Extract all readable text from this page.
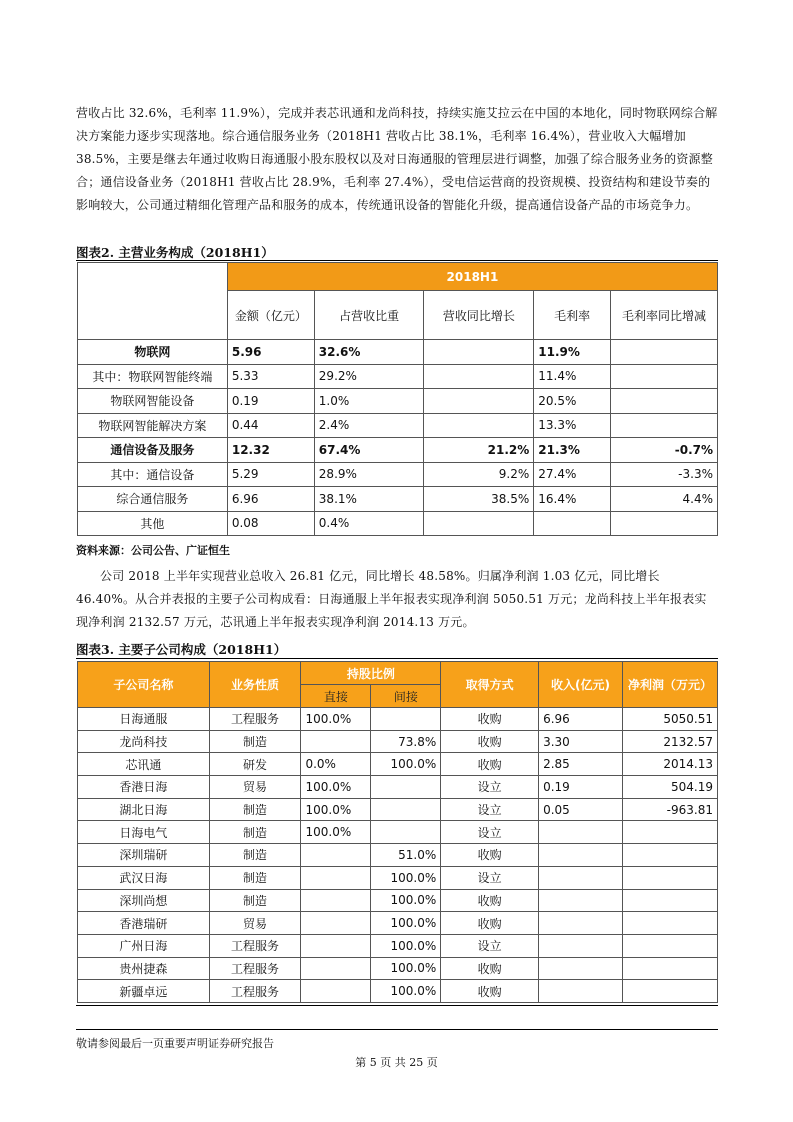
营收占比 32.6%，毛利率 11.9%），完成并表芯讯通和龙尚科技，持续实施艾拉云在中国的本地化，同时物联网综合解决方案能力逐步实现落地。综合通信服务业务（2018H1 营收占比 38.1%，毛利率 16.4%），营业收入大幅增加 38.5%，主要是继去年通过收购日海通服小股东股权以及对日海通服的管理层进行调整，加强了综合服务业务的资源整合；通信设备业务（2018H1 营收占比 28.9%，毛利率 27.4%），受电信运营商的投资规模、投资结构和建设节奏的影响较大，公司通过精细化管理产品和服务的成本，传统通讯设备的智能化升级，提高通信设备产品的市场竞争力。
图表2. 主营业务构成（2018H1）
	2018H1				
	金额（亿元）	占营收比重	营收同比增长	毛利率	毛利率同比增减
物联网	5.96	32.6%		11.9%	
其中：物联网智能终端	5.33	29.2%		11.4%	
物联网智能设备	0.19	1.0%		20.5%	
物联网智能解决方案	0.44	2.4%		13.3%	
通信设备及服务	12.32	67.4%	21.2%	21.3%	-0.7%
其中：通信设备	5.29	28.9%	9.2%	27.4%	-3.3%
综合通信服务	6.96	38.1%	38.5%	16.4%	4.4%
其他	0.08	0.4%			
资料来源：公司公告、广证恒生
公司 2018 上半年实现营业总收入 26.81 亿元，同比增长 48.58%。归属净利润 1.03 亿元，同比增长 46.40%。从合并表报的主要子公司构成看：日海通服上半年报表实现净利润 5050.51 万元；龙尚科技上半年报表实现净利润 2132.57 万元，芯讯通上半年报表实现净利润 2014.13 万元。
图表3. 主要子公司构成（2018H1）
子公司名称	业务性质	持股比例		取得方式	收入(亿元)	净利润（万元）
		直接	间接			
日海通服	工程服务	100.0%		收购	6.96	5050.51
龙尚科技	制造		73.8%	收购	3.30	2132.57
芯讯通	研发	0.0%	100.0%	收购	2.85	2014.13
香港日海	贸易	100.0%		设立	0.19	504.19
湖北日海	制造	100.0%		设立	0.05	-963.81
日海电气	制造	100.0%		设立		
深圳瑞研	制造		51.0%	收购		
武汉日海	制造		100.0%	设立		
深圳尚想	制造		100.0%	收购		
香港瑞研	贸易		100.0%	收购		
广州日海	工程服务		100.0%	设立		
贵州捷森	工程服务		100.0%	收购		
新疆卓远	工程服务		100.0%	收购		
敬请参阅最后一页重要声明证券研究报告
第 5 页 共 25 页
